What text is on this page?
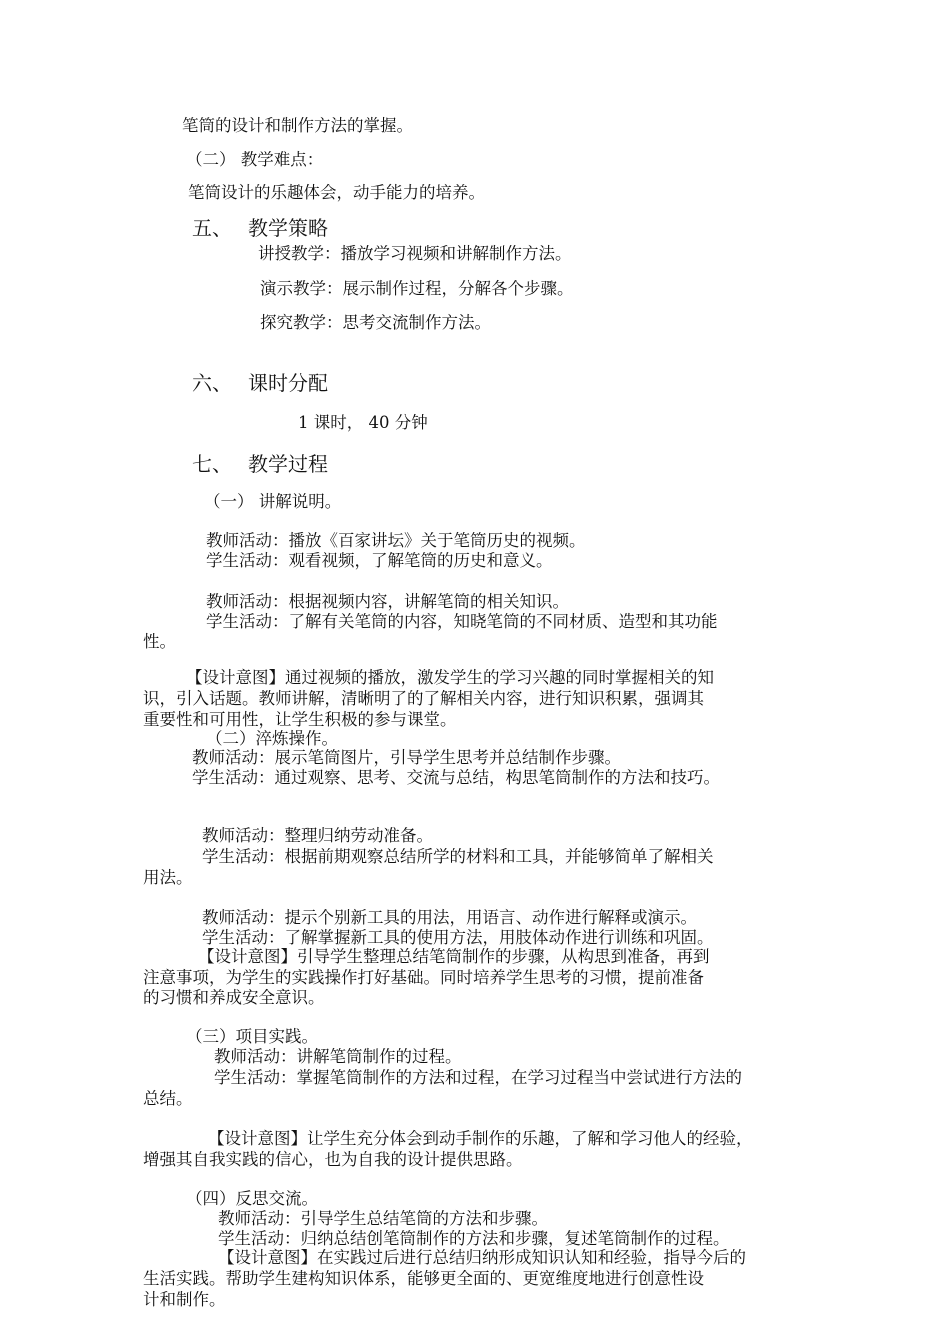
笔筒的设计和制作方法的掌握。
（二） 教学难点：
笔筒设计的乐趣体会，动手能力的培养。
五、 教学策略
讲授教学：播放学习视频和讲解制作方法。
演示教学：展示制作过程，分解各个步骤。
探究教学：思考交流制作方法。
六、 课时分配
1 课时， 40 分钟
七、 教学过程
（一） 讲解说明。
教师活动：播放《百家讲坛》关于笔筒历史的视频。
学生活动：观看视频，了解笔筒的历史和意义。
教师活动：根据视频内容，讲解笔筒的相关知识。
学生活动：了解有关笔筒的内容，知晓笔筒的不同材质、造型和其功能
性。
【设计意图】通过视频的播放，激发学生的学习兴趣的同时掌握相关的知
识，引入话题。教师讲解，清晰明了的了解相关内容，进行知识积累，强调其
重要性和可用性，让学生积极的参与课堂。
（二）淬炼操作。
教师活动：展示笔筒图片，引导学生思考并总结制作步骤。
学生活动：通过观察、思考、交流与总结，构思笔筒制作的方法和技巧。
教师活动：整理归纳劳动准备。
学生活动：根据前期观察总结所学的材料和工具，并能够简单了解相关
用法。
教师活动：提示个别新工具的用法，用语言、动作进行解释或演示。
学生活动：了解掌握新工具的使用方法，用肢体动作进行训练和巩固。
【设计意图】引导学生整理总结笔筒制作的步骤，从构思到准备，再到
注意事项，为学生的实践操作打好基础。同时培养学生思考的习惯，提前准备
的习惯和养成安全意识。
（三）项目实践。
教师活动：讲解笔筒制作的过程。
学生活动：掌握笔筒制作的方法和过程，在学习过程当中尝试进行方法的
总结。
【设计意图】让学生充分体会到动手制作的乐趣，了解和学习他人的经验，
增强其自我实践的信心，也为自我的设计提供思路。
（四）反思交流。
教师活动：引导学生总结笔筒的方法和步骤。
学生活动：归纳总结创笔筒制作的方法和步骤，复述笔筒制作的过程。
【设计意图】在实践过后进行总结归纳形成知识认知和经验，指导今后的
生活实践。帮助学生建构知识体系，能够更全面的、更宽维度地进行创意性设
计和制作。
